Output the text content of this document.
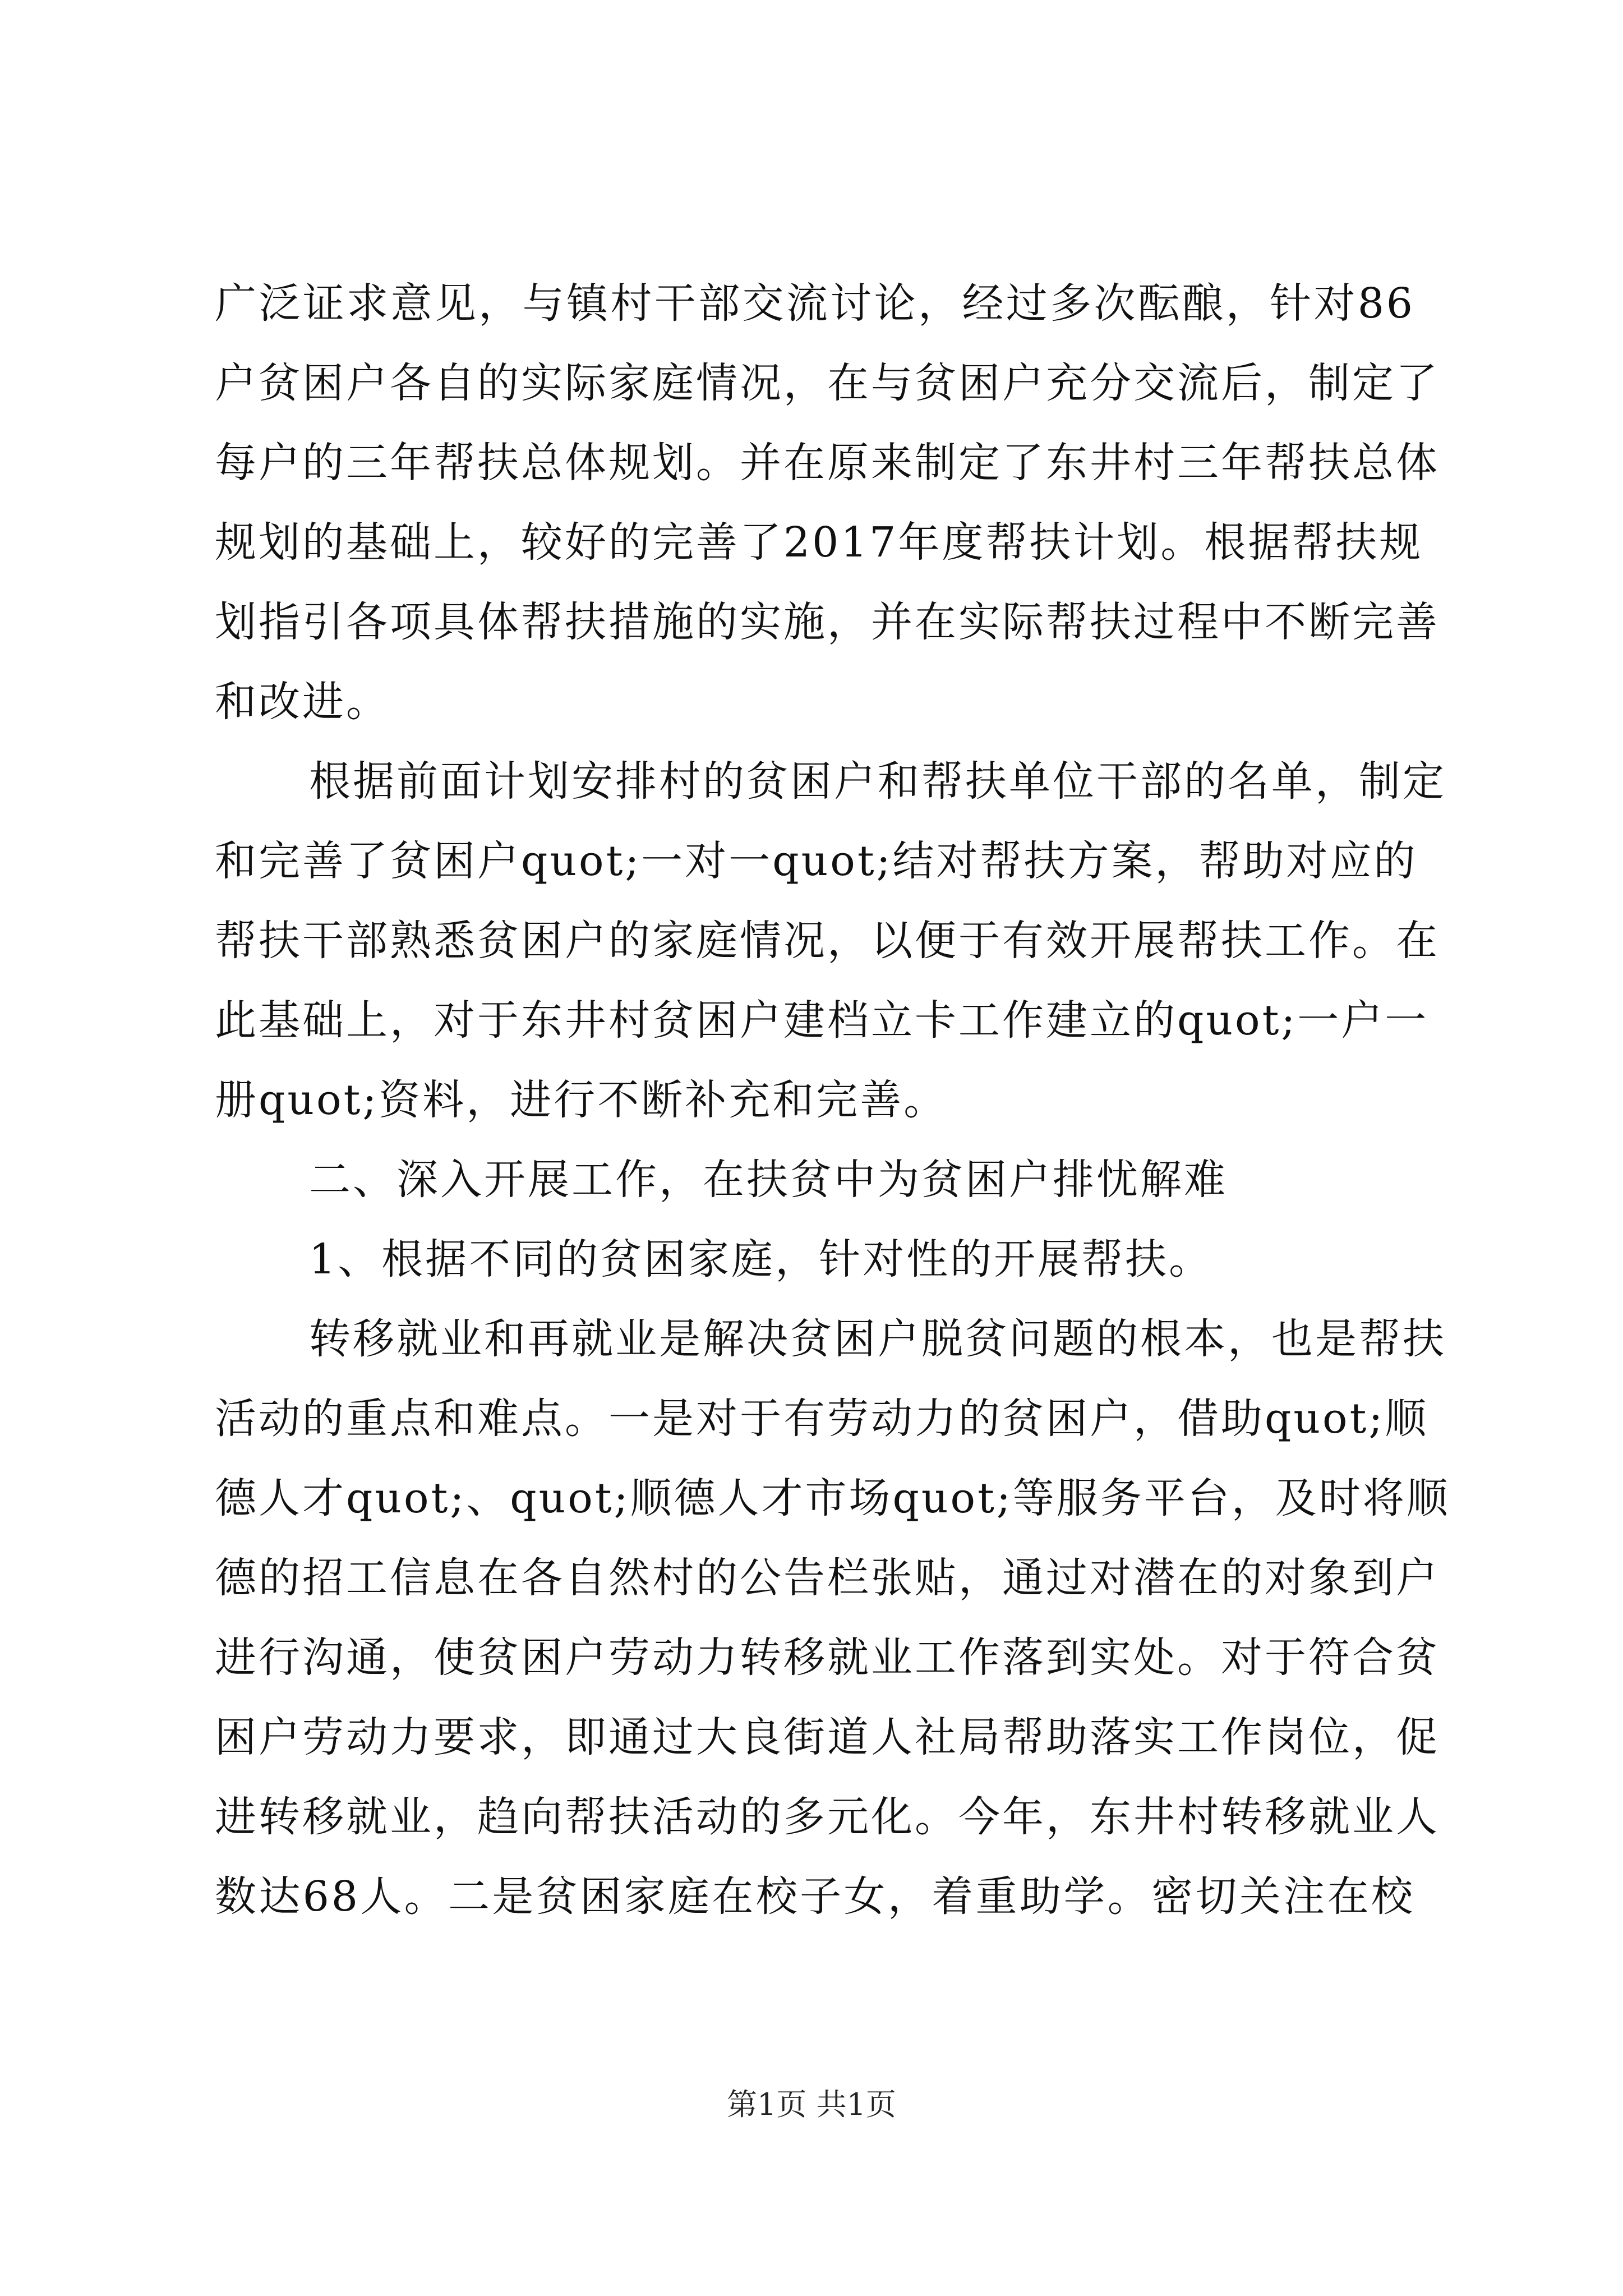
广泛证求意见，与镇村干部交流讨论，经过多次酝酿，针对86
户贫困户各自的实际家庭情况，在与贫困户充分交流后，制定了
每户的三年帮扶总体规划。并在原来制定了东井村三年帮扶总体
规划的基础上，较好的完善了2017年度帮扶计划。根据帮扶规
划指引各项具体帮扶措施的实施，并在实际帮扶过程中不断完善
和改进。
根据前面计划安排村的贫困户和帮扶单位干部的名单，制定
和完善了贫困户quot;一对一quot;结对帮扶方案，帮助对应的
帮扶干部熟悉贫困户的家庭情况，以便于有效开展帮扶工作。在
此基础上，对于东井村贫困户建档立卡工作建立的quot;一户一
册quot;资料，进行不断补充和完善。
二、深入开展工作，在扶贫中为贫困户排忧解难
1、根据不同的贫困家庭，针对性的开展帮扶。
转移就业和再就业是解决贫困户脱贫问题的根本，也是帮扶
活动的重点和难点。一是对于有劳动力的贫困户，借助quot;顺
德人才quot;、quot;顺德人才市场quot;等服务平台，及时将顺
德的招工信息在各自然村的公告栏张贴，通过对潜在的对象到户
进行沟通，使贫困户劳动力转移就业工作落到实处。对于符合贫
困户劳动力要求，即通过大良街道人社局帮助落实工作岗位，促
进转移就业，趋向帮扶活动的多元化。今年，东井村转移就业人
数达68人。二是贫困家庭在校子女，着重助学。密切关注在校
第1页 共1页
